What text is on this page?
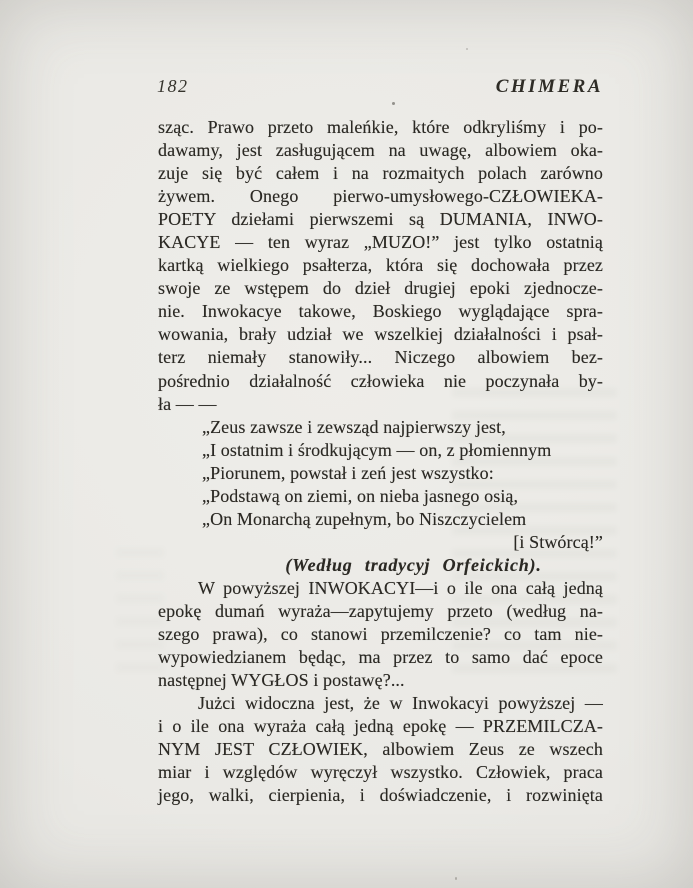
182	CHIMERA
sząc. Prawo przeto maleńkie, które odkryliśmy i po-
dawamy, jest zasługującem na uwagę, albowiem oka-
zuje się być całem i na rozmaitych polach zarówno
żywem. Onego pierwo-umysłowego-CZŁOWIEKA-
POETY dziełami pierwszemi są DUMANIA, INWO-
KACYE — ten wyraz „MUZO!” jest tylko ostatnią
kartką wielkiego psałterza, która się dochowała przez
swoje ze wstępem do dzieł drugiej epoki zjednocze-
nie. Inwokacye takowe, Boskiego wyglądające spra-
wowania, brały udział we wszelkiej działalności i psał-
terz niemały stanowiły... Niczego albowiem bez-
pośrednio działalność człowieka nie poczynała by-
ła — —
„Zeus zawsze i zewsząd najpierwszy jest,
„I ostatnim i środkującym — on, z płomiennym
„Piorunem, powstał i zeń jest wszystko:
„Podstawą on ziemi, on nieba jasnego osią,
„On Monarchą zupełnym, bo Niszczycielem
[i Stwórcą!”
(Według tradycyj Orfeickich).
W powyższej INWOKACYI—i o ile ona całą jedną
epokę dumań wyraża—zapytujemy przeto (według na-
szego prawa), co stanowi przemilczenie? co tam nie-
wypowiedzianem będąc, ma przez to samo dać epoce
następnej WYGŁOS i postawę?...
Jużci widoczna jest, że w Inwokacyi powyższej —
i o ile ona wyraża całą jedną epokę — PRZEMILCZA-
NYM JEST CZŁOWIEK, albowiem Zeus ze wszech
miar i względów wyręczył wszystko. Człowiek, praca
jego, walki, cierpienia, i doświadczenie, i rozwinięta
